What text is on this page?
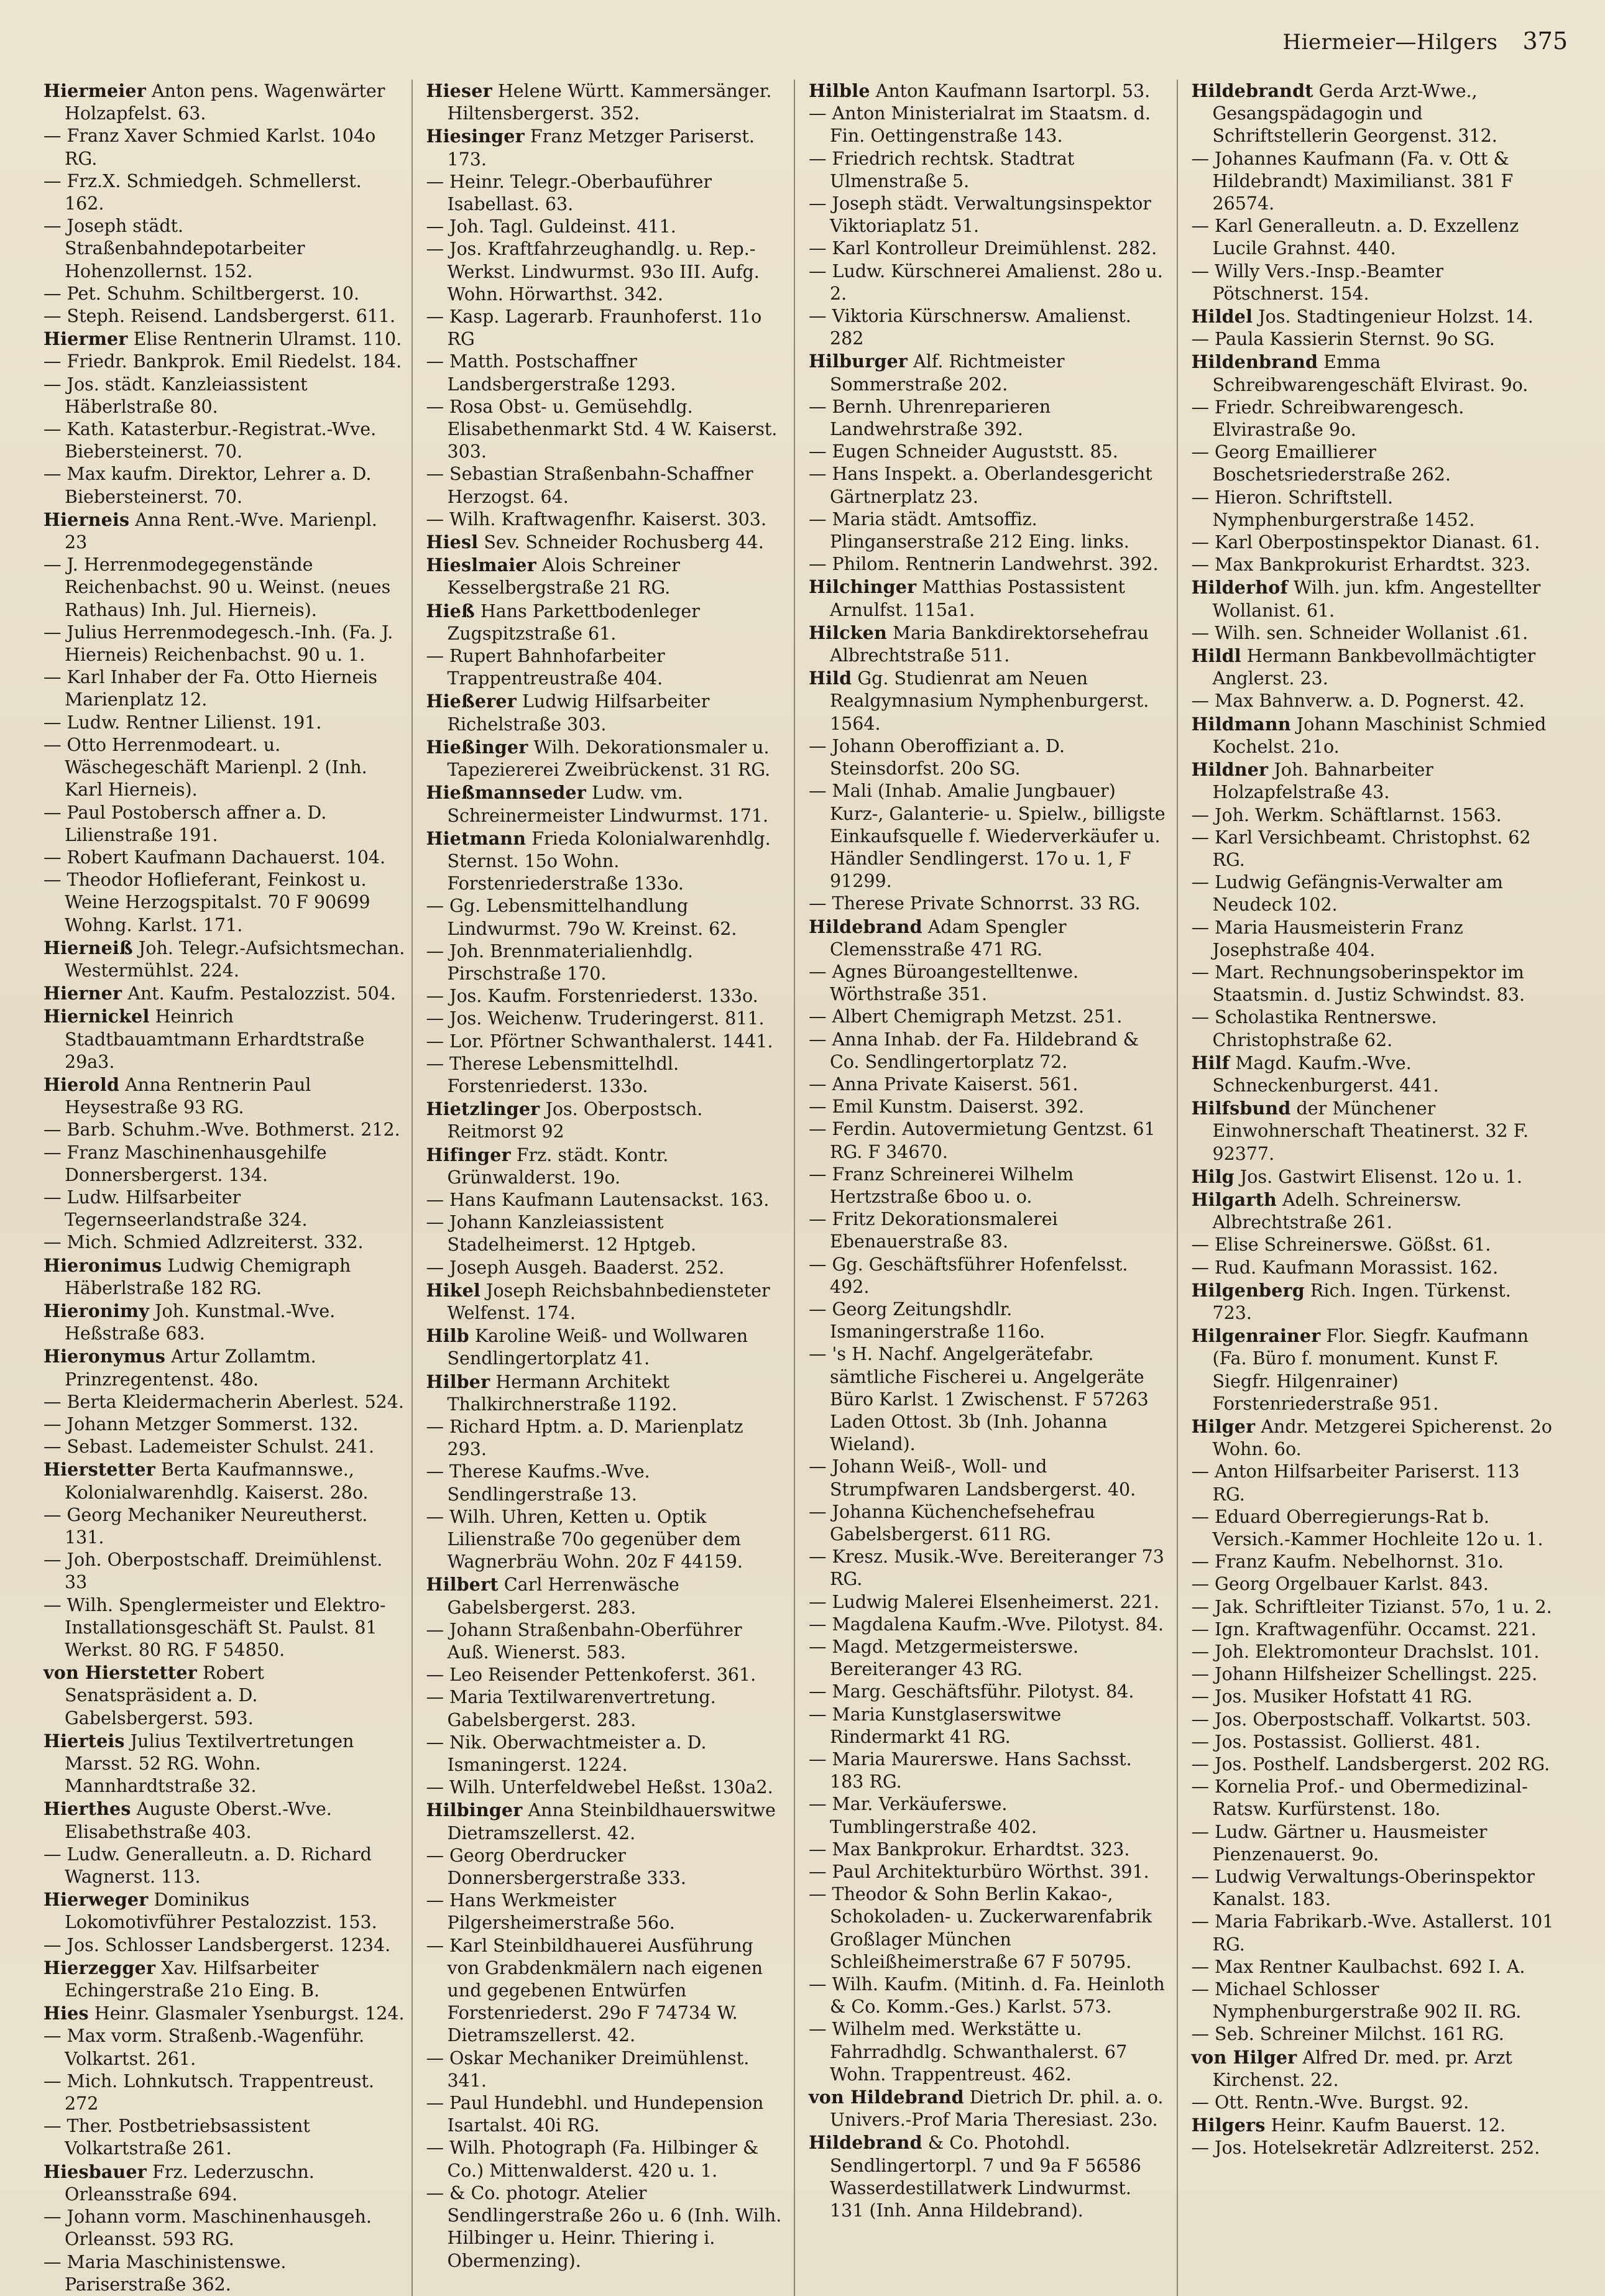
Hiermeier—Hilgers 375

Hiermeier Anton pens. Wagenwärter Holzapfelst. 63.

— Franz Xaver Schmied Karlst. 104o RG.

— Frz.X. Schmiedgeh. Schmellerst. 162.

— Joseph städt. Straßenbahndepotarbeiter Hohenzollernst. 152.

— Pet. Schuhm. Schiltbergerst. 10.

— Steph. Reisend. Landsbergerst. 611.

Hiermer Elise Rentnerin Ulramst. 110.

— Friedr. Bankprok. Emil Riedelst. 184.

— Jos. städt. Kanzleiassistent Häberlstraße 80.

— Kath. Katasterbur.-Registrat.-Wve. Biebersteinerst. 70.

— Max kaufm. Direktor, Lehrer a. D. Biebersteinerst. 70.

Hierneis Anna Rent.-Wve. Marienpl. 23

— J. Herrenmodegegenstände Reichenbachst. 90 u. Weinst. (neues Rathaus) Inh. Jul. Hierneis).

— Julius Herrenmodegesch.-Inh. (Fa. J. Hierneis) Reichenbachst. 90 u. 1.

— Karl Inhaber der Fa. Otto Hierneis Marienplatz 12.

— Ludw. Rentner Lilienst. 191.

— Otto Herrenmodeart. u. Wäschegeschäft Marienpl. 2 (Inh. Karl Hierneis).

— Paul Postobersch affner a. D. Lilienstraße 191.

— Robert Kaufmann Dachauerst. 104.

— Theodor Hoflieferant, Feinkost u. Weine Herzogspitalst. 70 F 90699 Wohng. Karlst. 171.

Hierneiß Joh. Telegr.-Aufsichtsmechan. Westermühlst. 224.

Hierner Ant. Kaufm. Pestalozzist. 504.

Hiernickel Heinrich Stadtbauamtmann Erhardtstraße 29a3.

Hierold Anna Rentnerin Paul Heysestraße 93 RG.

— Barb. Schuhm.-Wve. Bothmerst. 212.

— Franz Maschinenhausgehilfe Donnersbergerst. 134.

— Ludw. Hilfsarbeiter Tegernseerlandstraße 324.

— Mich. Schmied Adlzreiterst. 332.

Hieronimus Ludwig Chemigraph Häberlstraße 182 RG.

Hieronimy Joh. Kunstmal.-Wve. Heßstraße 683.

Hieronymus Artur Zollamtm. Prinzregentenst. 48o.

— Berta Kleidermacherin Aberlest. 524.

— Johann Metzger Sommerst. 132.

— Sebast. Lademeister Schulst. 241.

Hierstetter Berta Kaufmannswe., Kolonialwarenhdlg. Kaiserst. 28o.

— Georg Mechaniker Neureutherst. 131.

— Joh. Oberpostschaff. Dreimühlenst. 33

— Wilh. Spenglermeister und Elektro-Installationsgeschäft St. Paulst. 81 Werkst. 80 RG. F 54850.

von Hierstetter Robert Senatspräsident a. D. Gabelsbergerst. 593.

Hierteis Julius Textilvertretungen Marsst. 52 RG. Wohn. Mannhardtstraße 32.

Hierthes Auguste Oberst.-Wve. Elisabethstraße 403.

— Ludw. Generalleutn. a. D. Richard Wagnerst. 113.

Hierweger Dominikus Lokomotivführer Pestalozzist. 153.

— Jos. Schlosser Landsbergerst. 1234.

Hierzegger Xav. Hilfsarbeiter Echingerstraße 21o Eing. B.

Hies Heinr. Glasmaler Ysenburgst. 124.

— Max vorm. Straßenb.-Wagenführ. Volkartst. 261.

— Mich. Lohnkutsch. Trappentreust. 272

— Ther. Postbetriebsassistent Volkartstraße 261.

Hiesbauer Frz. Lederzuschn. Orleansstraße 694.

— Johann vorm. Maschinenhausgeh. Orleansst. 593 RG.

— Maria Maschinistenswe. Pariserstraße 362.

Hieser Helene Württ. Kammersänger. Hiltensbergerst. 352.

Hiesinger Franz Metzger Pariserst. 173.

— Heinr. Telegr.-Oberbauführer Isabellast. 63.

— Joh. Tagl. Guldeinst. 411.

— Jos. Kraftfahrzeughandlg. u. Rep.-Werkst. Lindwurmst. 93o III. Aufg. Wohn. Hörwarthst. 342.

— Kasp. Lagerarb. Fraunhoferst. 11o RG

— Matth. Postschaffner Landsbergerstraße 1293.

— Rosa Obst- u. Gemüsehdlg. Elisabethenmarkt Std. 4 W. Kaiserst. 303.

— Sebastian Straßenbahn-Schaffner Herzogst. 64.

— Wilh. Kraftwagenfhr. Kaiserst. 303.

Hiesl Sev. Schneider Rochusberg 44.

Hieslmaier Alois Schreiner Kesselbergstraße 21 RG.

Hieß Hans Parkettbodenleger Zugspitzstraße 61.

— Rupert Bahnhofarbeiter Trappentreustraße 404.

Hießerer Ludwig Hilfsarbeiter Richelstraße 303.

Hießinger Wilh. Dekorationsmaler u. Tapeziererei Zweibrückenst. 31 RG.

Hießmannseder Ludw. vm. Schreinermeister Lindwurmst. 171.

Hietmann Frieda Kolonialwarenhdlg. Sternst. 15o Wohn. Forstenriederstraße 133o.

— Gg. Lebensmittelhandlung Lindwurmst. 79o W. Kreinst. 62.

— Joh. Brennmaterialienhdlg. Pirschstraße 170.

— Jos. Kaufm. Forstenriederst. 133o.

— Jos. Weichenw. Truderingerst. 811.

— Lor. Pförtner Schwanthalerst. 1441.

— Therese Lebensmittelhdl. Forstenriederst. 133o.

Hietzlinger Jos. Oberpostsch. Reitmorst 92

Hifinger Frz. städt. Kontr. Grünwalderst. 19o.

— Hans Kaufmann Lautensackst. 163.

— Johann Kanzleiassistent Stadelheimerst. 12 Hptgeb.

— Joseph Ausgeh. Baaderst. 252.

Hikel Joseph Reichsbahnbediensteter Welfenst. 174.

Hilb Karoline Weiß- und Wollwaren Sendlingertorplatz 41.

Hilber Hermann Architekt Thalkirchnerstraße 1192.

— Richard Hptm. a. D. Marienplatz 293.

— Therese Kaufms.-Wve. Sendlingerstraße 13.

— Wilh. Uhren, Ketten u. Optik Lilienstraße 70o gegenüber dem Wagnerbräu Wohn. 20z F 44159.

Hilbert Carl Herrenwäsche Gabelsbergerst. 283.

— Johann Straßenbahn-Oberführer Auß. Wienerst. 583.

— Leo Reisender Pettenkoferst. 361.

— Maria Textilwarenvertretung. Gabelsbergerst. 283.

— Nik. Oberwachtmeister a. D. Ismaningerst. 1224.

— Wilh. Unterfeldwebel Heßst. 130a2.

Hilbinger Anna Steinbildhauerswitwe Dietramszellerst. 42.

— Georg Oberdrucker Donnersbergerstraße 333.

— Hans Werkmeister Pilgersheimerstraße 56o.

— Karl Steinbildhauerei Ausführung von Grabdenkmälern nach eigenen und gegebenen Entwürfen Forstenriederst. 29o F 74734 W. Dietramszellerst. 42.

— Oskar Mechaniker Dreimühlenst. 341.

— Paul Hundebhl. und Hundepension Isartalst. 40i RG.

— Wilh. Photograph (Fa. Hilbinger & Co.) Mittenwalderst. 420 u. 1.

— & Co. photogr. Atelier Sendlingerstraße 26o u. 6 (Inh. Wilh. Hilbinger u. Heinr. Thiering i. Obermenzing).

Hilble Anton Kaufmann Isartorpl. 53.

— Anton Ministerialrat im Staatsm. d. Fin. Oettingenstraße 143.

— Friedrich rechtsk. Stadtrat Ulmenstraße 5.

— Joseph städt. Verwaltungsinspektor Viktoriaplatz 51.

— Karl Kontrolleur Dreimühlenst. 282.

— Ludw. Kürschnerei Amalienst. 28o u. 2.

— Viktoria Kürschnersw. Amalienst. 282

Hilburger Alf. Richtmeister Sommerstraße 202.

— Bernh. Uhrenreparieren Landwehrstraße 392.

— Eugen Schneider Auguststt. 85.

— Hans Inspekt. a. Oberlandesgericht Gärtnerplatz 23.

— Maria städt. Amtsoffiz. Plinganserstraße 212 Eing. links.

— Philom. Rentnerin Landwehrst. 392.

Hilchinger Matthias Postassistent Arnulfst. 115a1.

Hilcken Maria Bankdirektorsehefrau Albrechtstraße 511.

Hild Gg. Studienrat am Neuen Realgymnasium Nymphenburgerst. 1564.

— Johann Oberoffiziant a. D. Steinsdorfst. 20o SG.

— Mali (Inhab. Amalie Jungbauer) Kurz-, Galanterie- u. Spielw., billigste Einkaufsquelle f. Wiederverkäufer u. Händler Sendlingerst. 17o u. 1, F 91299.

— Therese Private Schnorrst. 33 RG.

Hildebrand Adam Spengler Clemensstraße 471 RG.

— Agnes Büroangestelltenwe. Wörthstraße 351.

— Albert Chemigraph Metzst. 251.

— Anna Inhab. der Fa. Hildebrand & Co. Sendlingertorplatz 72.

— Anna Private Kaiserst. 561.

— Emil Kunstm. Daiserst. 392.

— Ferdin. Autovermietung Gentzst. 61 RG. F 34670.

— Franz Schreinerei Wilhelm Hertzstraße 6boo u. o.

— Fritz Dekorationsmalerei Ebenauerstraße 83.

— Gg. Geschäftsführer Hofenfelsst. 492.

— Georg Zeitungshdlr. Ismaningerstraße 116o.

— 's H. Nachf. Angelgerätefabr. sämtliche Fischerei u. Angelgeräte Büro Karlst. 1 Zwischenst. F 57263 Laden Ottost. 3b (Inh. Johanna Wieland).

— Johann Weiß-, Woll- und Strumpfwaren Landsbergerst. 40.

— Johanna Küchenchefsehefrau Gabelsbergerst. 611 RG.

— Kresz. Musik.-Wve. Bereiteranger 73 RG.

— Ludwig Malerei Elsenheimerst. 221.

— Magdalena Kaufm.-Wve. Pilotyst. 84.

— Magd. Metzgermeisterswe. Bereiteranger 43 RG.

— Marg. Geschäftsführ. Pilotyst. 84.

— Maria Kunstglaserswitwe Rindermarkt 41 RG.

— Maria Maurerswe. Hans Sachsst. 183 RG.

— Mar. Verkäuferswe. Tumblingerstraße 402.

— Max Bankprokur. Erhardtst. 323.

— Paul Architekturbüro Wörthst. 391.

— Theodor & Sohn Berlin Kakao-, Schokoladen- u. Zuckerwarenfabrik Großlager München Schleißheimerstraße 67 F 50795.

— Wilh. Kaufm. (Mitinh. d. Fa. Heinloth & Co. Komm.-Ges.) Karlst. 573.

— Wilhelm med. Werkstätte u. Fahrradhdlg. Schwanthalerst. 67 Wohn. Trappentreust. 462.

von Hildebrand Dietrich Dr. phil. a. o. Univers.-Prof Maria Theresiast. 23o.

Hildebrand & Co. Photohdl. Sendlingertorpl. 7 und 9a F 56586 Wasserdestillatwerk Lindwurmst. 131 (Inh. Anna Hildebrand).

Hildebrandt Gerda Arzt-Wwe., Gesangspädagogin und Schriftstellerin Georgenst. 312.

— Johannes Kaufmann (Fa. v. Ott & Hildebrandt) Maximilianst. 381 F 26574.

— Karl Generalleutn. a. D. Exzellenz Lucile Grahnst. 440.

— Willy Vers.-Insp.-Beamter Pötschnerst. 154.

Hildel Jos. Stadtingenieur Holzst. 14.

— Paula Kassierin Sternst. 9o SG.

Hildenbrand Emma Schreibwarengeschäft Elvirast. 9o.

— Friedr. Schreibwarengesch. Elvirastraße 9o.

— Georg Emaillierer Boschetsriederstraße 262.

— Hieron. Schriftstell. Nymphenburgerstraße 1452.

— Karl Oberpostinspektor Dianast. 61.

— Max Bankprokurist Erhardtst. 323.

Hilderhof Wilh. jun. kfm. Angestellter Wollanist. 61.

— Wilh. sen. Schneider Wollanist .61.

Hildl Hermann Bankbevollmächtigter Anglerst. 23.

— Max Bahnverw. a. D. Pognerst. 42.

Hildmann Johann Maschinist Schmied Kochelst. 21o.

Hildner Joh. Bahnarbeiter Holzapfelstraße 43.

— Joh. Werkm. Schäftlarnst. 1563.

— Karl Versichbeamt. Christophst. 62 RG.

— Ludwig Gefängnis-Verwalter am Neudeck 102.

— Maria Hausmeisterin Franz Josephstraße 404.

— Mart. Rechnungsoberinspektor im Staatsmin. d. Justiz Schwindst. 83.

— Scholastika Rentnerswe. Christophstraße 62.

Hilf Magd. Kaufm.-Wve. Schneckenburgerst. 441.

Hilfsbund der Münchener Einwohnerschaft Theatinerst. 32 F. 92377.

Hilg Jos. Gastwirt Elisenst. 12o u. 1.

Hilgarth Adelh. Schreinersw. Albrechtstraße 261.

— Elise Schreinerswe. Gößst. 61.

— Rud. Kaufmann Morassist. 162.

Hilgenberg Rich. Ingen. Türkenst. 723.

Hilgenrainer Flor. Siegfr. Kaufmann (Fa. Büro f. monument. Kunst F. Siegfr. Hilgenrainer) Forstenriederstraße 951.

Hilger Andr. Metzgerei Spicherenst. 2o Wohn. 6o.

— Anton Hilfsarbeiter Pariserst. 113 RG.

— Eduard Oberregierungs-Rat b. Versich.-Kammer Hochleite 12o u. 1.

— Franz Kaufm. Nebelhornst. 31o.

— Georg Orgelbauer Karlst. 843.

— Jak. Schriftleiter Tizianst. 57o, 1 u. 2.

— Ign. Kraftwagenführ. Occamst. 221.

— Joh. Elektromonteur Drachslst. 101.

— Johann Hilfsheizer Schellingst. 225.

— Jos. Musiker Hofstatt 41 RG.

— Jos. Oberpostschaff. Volkartst. 503.

— Jos. Postassist. Gollierst. 481.

— Jos. Posthelf. Landsbergerst. 202 RG.

— Kornelia Prof.- und Obermedizinal-Ratsw. Kurfürstenst. 18o.

— Ludw. Gärtner u. Hausmeister Pienzenauerst. 9o.

— Ludwig Verwaltungs-Oberinspektor Kanalst. 183.

— Maria Fabrikarb.-Wve. Astallerst. 101 RG.

— Max Rentner Kaulbachst. 692 I. A.

— Michael Schlosser Nymphenburgerstraße 902 II. RG.

— Seb. Schreiner Milchst. 161 RG.

von Hilger Alfred Dr. med. pr. Arzt Kirchenst. 22.

— Ott. Rentn.-Wve. Burgst. 92.

Hilgers Heinr. Kaufm Bauerst. 12.

— Jos. Hotelsekretär Adlzreiterst. 252.
